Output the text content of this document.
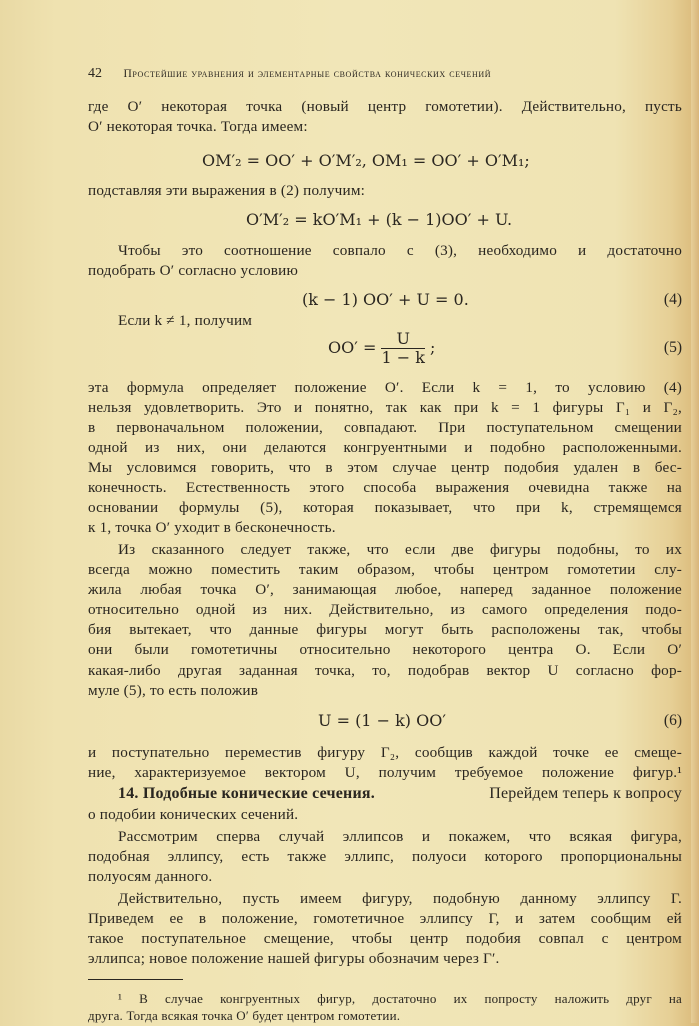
42 Простейшие уравнения и элементарные свойства конических сечений
где O′ некоторая точка (новый центр гомотетии). Действительно, пусть
O′ некоторая точка. Тогда имеем:
OM′₂ = OO′ + O′M′₂, OM₁ = OO′ + O′M₁;
подставляя эти выражения в (2) получим:
O′M′₂ = kO′M₁ + (k − 1)OO′ + U.
Чтобы это соотношение совпало с (3), необходимо и достаточно
подобрать O′ согласно условию
(k − 1) OO′ + U = 0.	(4)
Если k ≠ 1, получим
$OO' = \frac{U}{1 - k}$ ;	(5)
эта формула определяет положение O′. Если k = 1, то условию (4)
нельзя удовлетворить. Это и понятно, так как при k = 1 фигуры Γ₁ и Γ₂,
в первоначальном положении, совпадают. При поступательном смещении
одной из них, они делаются конгруентными и подобно расположенными.
Мы условимся говорить, что в этом случае центр подобия удален в бес-
конечность. Естественность этого способа выражения очевидна также на
основании формулы (5), которая показывает, что при k, стремящемся
к 1, точка O′ уходит в бесконечность.
Из сказанного следует также, что если две фигуры подобны, то их
всегда можно поместить таким образом, чтобы центром гомотетии слу-
жила любая точка O′, занимающая любое, наперед заданное положение
относительно одной из них. Действительно, из самого определения подо-
бия вытекает, что данные фигуры могут быть расположены так, чтобы
они были гомотетичны относительно некоторого центра O. Если O′
какая-либо другая заданная точка, то, подобрав вектор U согласно фор-
муле (5), то есть положив
U = (1 − k) OO′	(6)
и поступательно переместив фигуру Γ₂, сообщив каждой точке ее смеще-
ние, характеризуемое вектором U, получим требуемое положение фигур.¹
14. Подобные конические сечения.	Перейдем теперь к вопросу
о подобии конических сечений.
Рассмотрим сперва случай эллипсов и покажем, что всякая фигура,
подобная эллипсу, есть также эллипс, полуоси которого пропорциональны
полуосям данного.
Действительно, пусть имеем фигуру, подобную данному эллипсу Γ.
Приведем ее в положение, гомотетичное эллипсу Γ, и затем сообщим ей
такое поступательное смещение, чтобы центр подобия совпал с центром
эллипса; новое положение нашей фигуры обозначим через Γ′.
¹ В случае конгруентных фигур, достаточно их попросту наложить друг на
друга. Тогда всякая точка O′ будет центром гомотетии.
